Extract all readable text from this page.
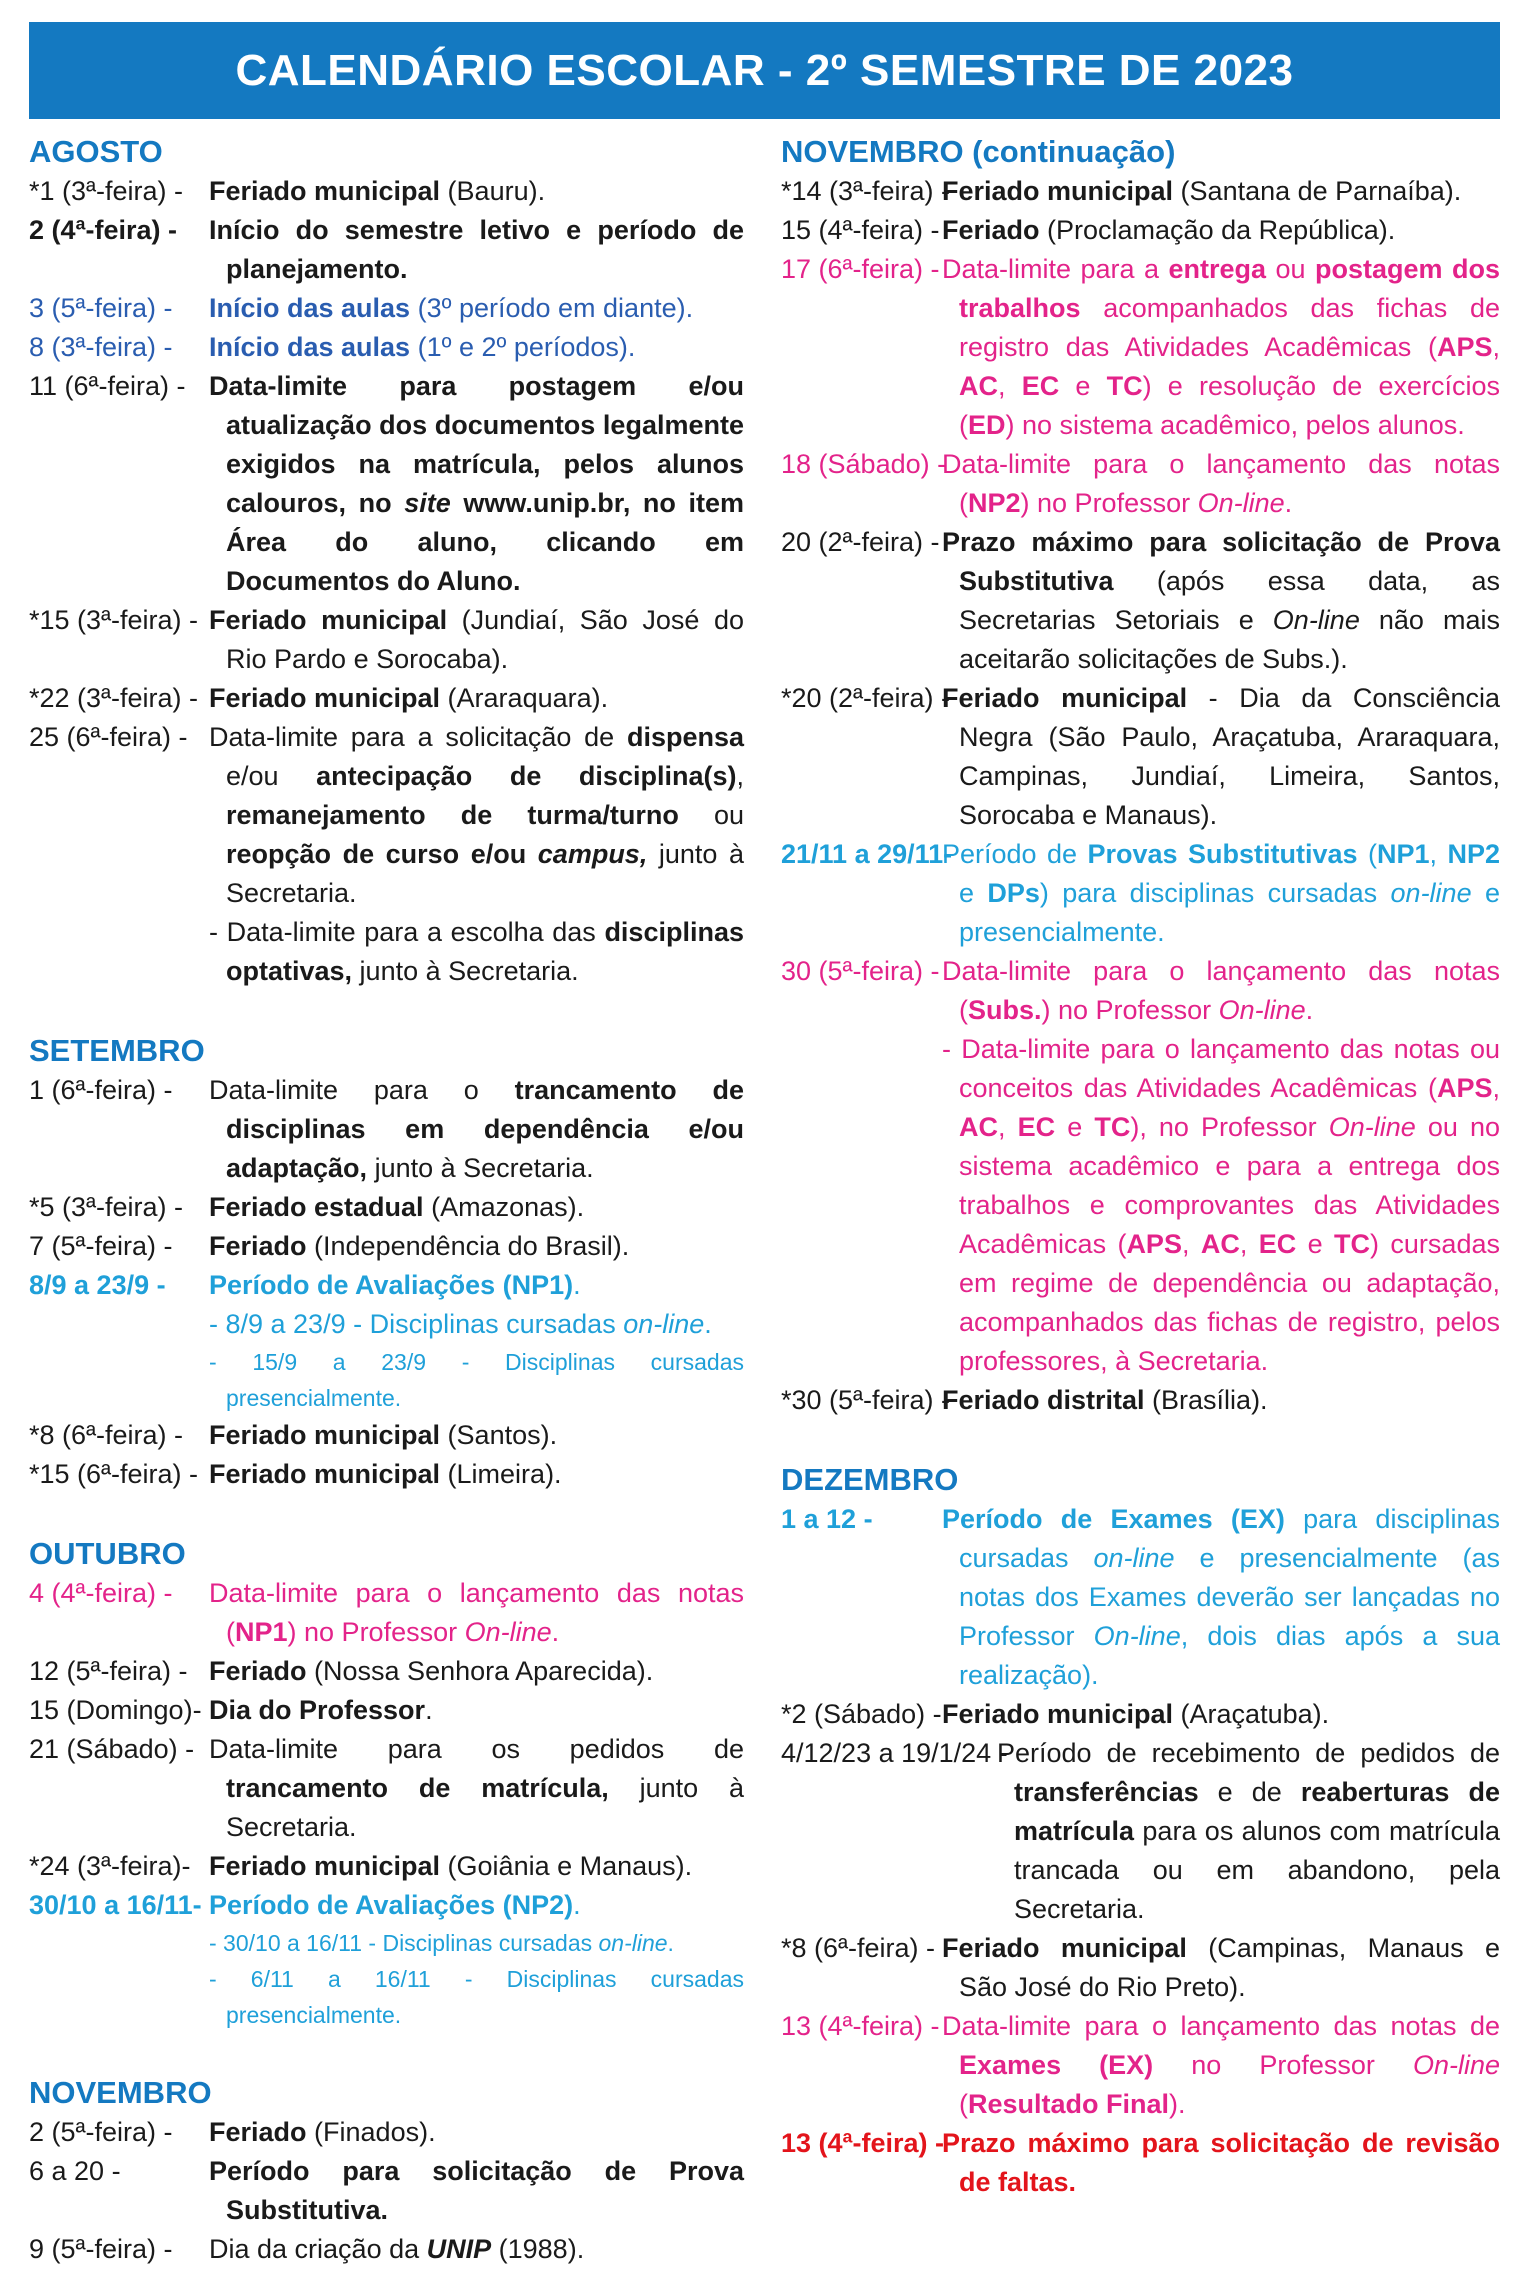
CALENDÁRIO ESCOLAR - 2º SEMESTRE DE 2023
AGOSTO
*1 (3ª-feira) - Feriado municipal (Bauru).
2 (4ª-feira) -	Início do semestre letivo e período de planejamento.
3 (5ª-feira) -	Início das aulas (3º período em diante).
8 (3ª-feira) -	Início das aulas (1º e 2º períodos).
11 (6ª-feira) - Data-limite para postagem e/ou atualização dos documentos legalmente exigidos na matrícula, pelos alunos calouros, no site www.unip.br, no item Área do aluno, clicando em Documentos do Aluno.
*15 (3ª-feira) - Feriado municipal (Jundiaí, São José do Rio Pardo e Sorocaba).
*22 (3ª-feira) - Feriado municipal (Araraquara).
25 (6ª-feira) - Data-limite para a solicitação de dispensa e/ou antecipação de disciplina(s), remanejamento de turma/turno ou reopção de curso e/ou campus, junto à Secretaria.
- Data-limite para a escolha das disciplinas optativas, junto à Secretaria.
SETEMBRO
1 (6ª-feira) -	Data-limite para o trancamento de disciplinas em dependência e/ou adaptação, junto à Secretaria.
*5 (3ª-feira) - Feriado estadual (Amazonas).
7 (5ª-feira) -	Feriado (Independência do Brasil).
8/9 a 23/9 -	Período de Avaliações (NP1).
- 8/9 a 23/9 - Disciplinas cursadas on-line.
- 15/9 a 23/9 - Disciplinas cursadas presencialmente.
*8 (6ª-feira) - Feriado municipal (Santos).
*15 (6ª-feira) - Feriado municipal (Limeira).
OUTUBRO
4 (4ª-feira) -	Data-limite para o lançamento das notas (NP1) no Professor On-line.
12 (5ª-feira) - Feriado (Nossa Senhora Aparecida).
15 (Domingo)- Dia do Professor.
21 (Sábado) - Data-limite para os pedidos de trancamento de matrícula, junto à Secretaria.
*24 (3ª-feira)- Feriado municipal (Goiânia e Manaus).
30/10 a 16/11- Período de Avaliações (NP2).
- 30/10 a 16/11 - Disciplinas cursadas on-line.
- 6/11 a 16/11 - Disciplinas cursadas presencialmente.
NOVEMBRO
2 (5ª-feira) -	Feriado (Finados).
6 a 20 -	Período para solicitação de Prova Substitutiva.
9 (5ª-feira) -	Dia da criação da UNIP (1988).
NOVEMBRO (continuação)
*14 (3ª-feira) -
Feriado municipal (Santana de Parnaíba).
15 (4ª-feira) - Feriado (Proclamação da República).
17 (6ª-feira) - Data-limite para a entrega ou postagem dos trabalhos acompanhados das fichas de registro das Atividades Acadêmicas (APS, AC, EC e TC) e resolução de exercícios (ED) no sistema acadêmico, pelos alunos.
18 (Sábado) -
Data-limite para o lançamento das notas (NP2) no Professor On-line.
20 (2ª-feira) - Prazo máximo para solicitação de Prova Substitutiva (após essa data, as Secretarias Setoriais e On-line não mais aceitarão solicitações de Subs.).
*20 (2ª-feira) -
Feriado municipal - Dia da Consciência Negra (São Paulo, Araçatuba, Araraquara, Campinas, Jundiaí, Limeira, Santos, Sorocaba e Manaus).
21/11 a 29/11-
Período de Provas Substitutivas (NP1, NP2 e DPs) para disciplinas cursadas on-line e presencialmente.
30 (5ª-feira) - Data-limite para o lançamento das notas (Subs.) no Professor On-line.
- Data-limite para o lançamento das notas ou conceitos das Atividades Acadêmicas (APS, AC, EC e TC), no Professor On-line ou no sistema acadêmico e para a entrega dos trabalhos e comprovantes das Atividades Acadêmicas (APS, AC, EC e TC) cursadas em regime de dependência ou adaptação, acompanhados das fichas de registro, pelos professores, à Secretaria.
*30 (5ª-feira) -
Feriado distrital (Brasília).
DEZEMBRO
1 a 12 -	Período de Exames (EX) para disciplinas cursadas on-line e presencialmente (as notas dos Exames deverão ser lançadas no Professor On-line, dois dias após a sua realização).
*2 (Sábado) - Feriado municipal (Araçatuba).
4/12/23 a 19/1/24 -
Período de recebimento de pedidos de transferências e de reaberturas de matrícula para os alunos com matrícula trancada ou em abandono, pela Secretaria.
*8 (6ª-feira) - Feriado municipal (Campinas, Manaus e São José do Rio Preto).
13 (4ª-feira) - Data-limite para o lançamento das notas de Exames (EX) no Professor On-line (Resultado Final).
13 (4ª-feira) -
Prazo máximo para solicitação de revisão de faltas.
